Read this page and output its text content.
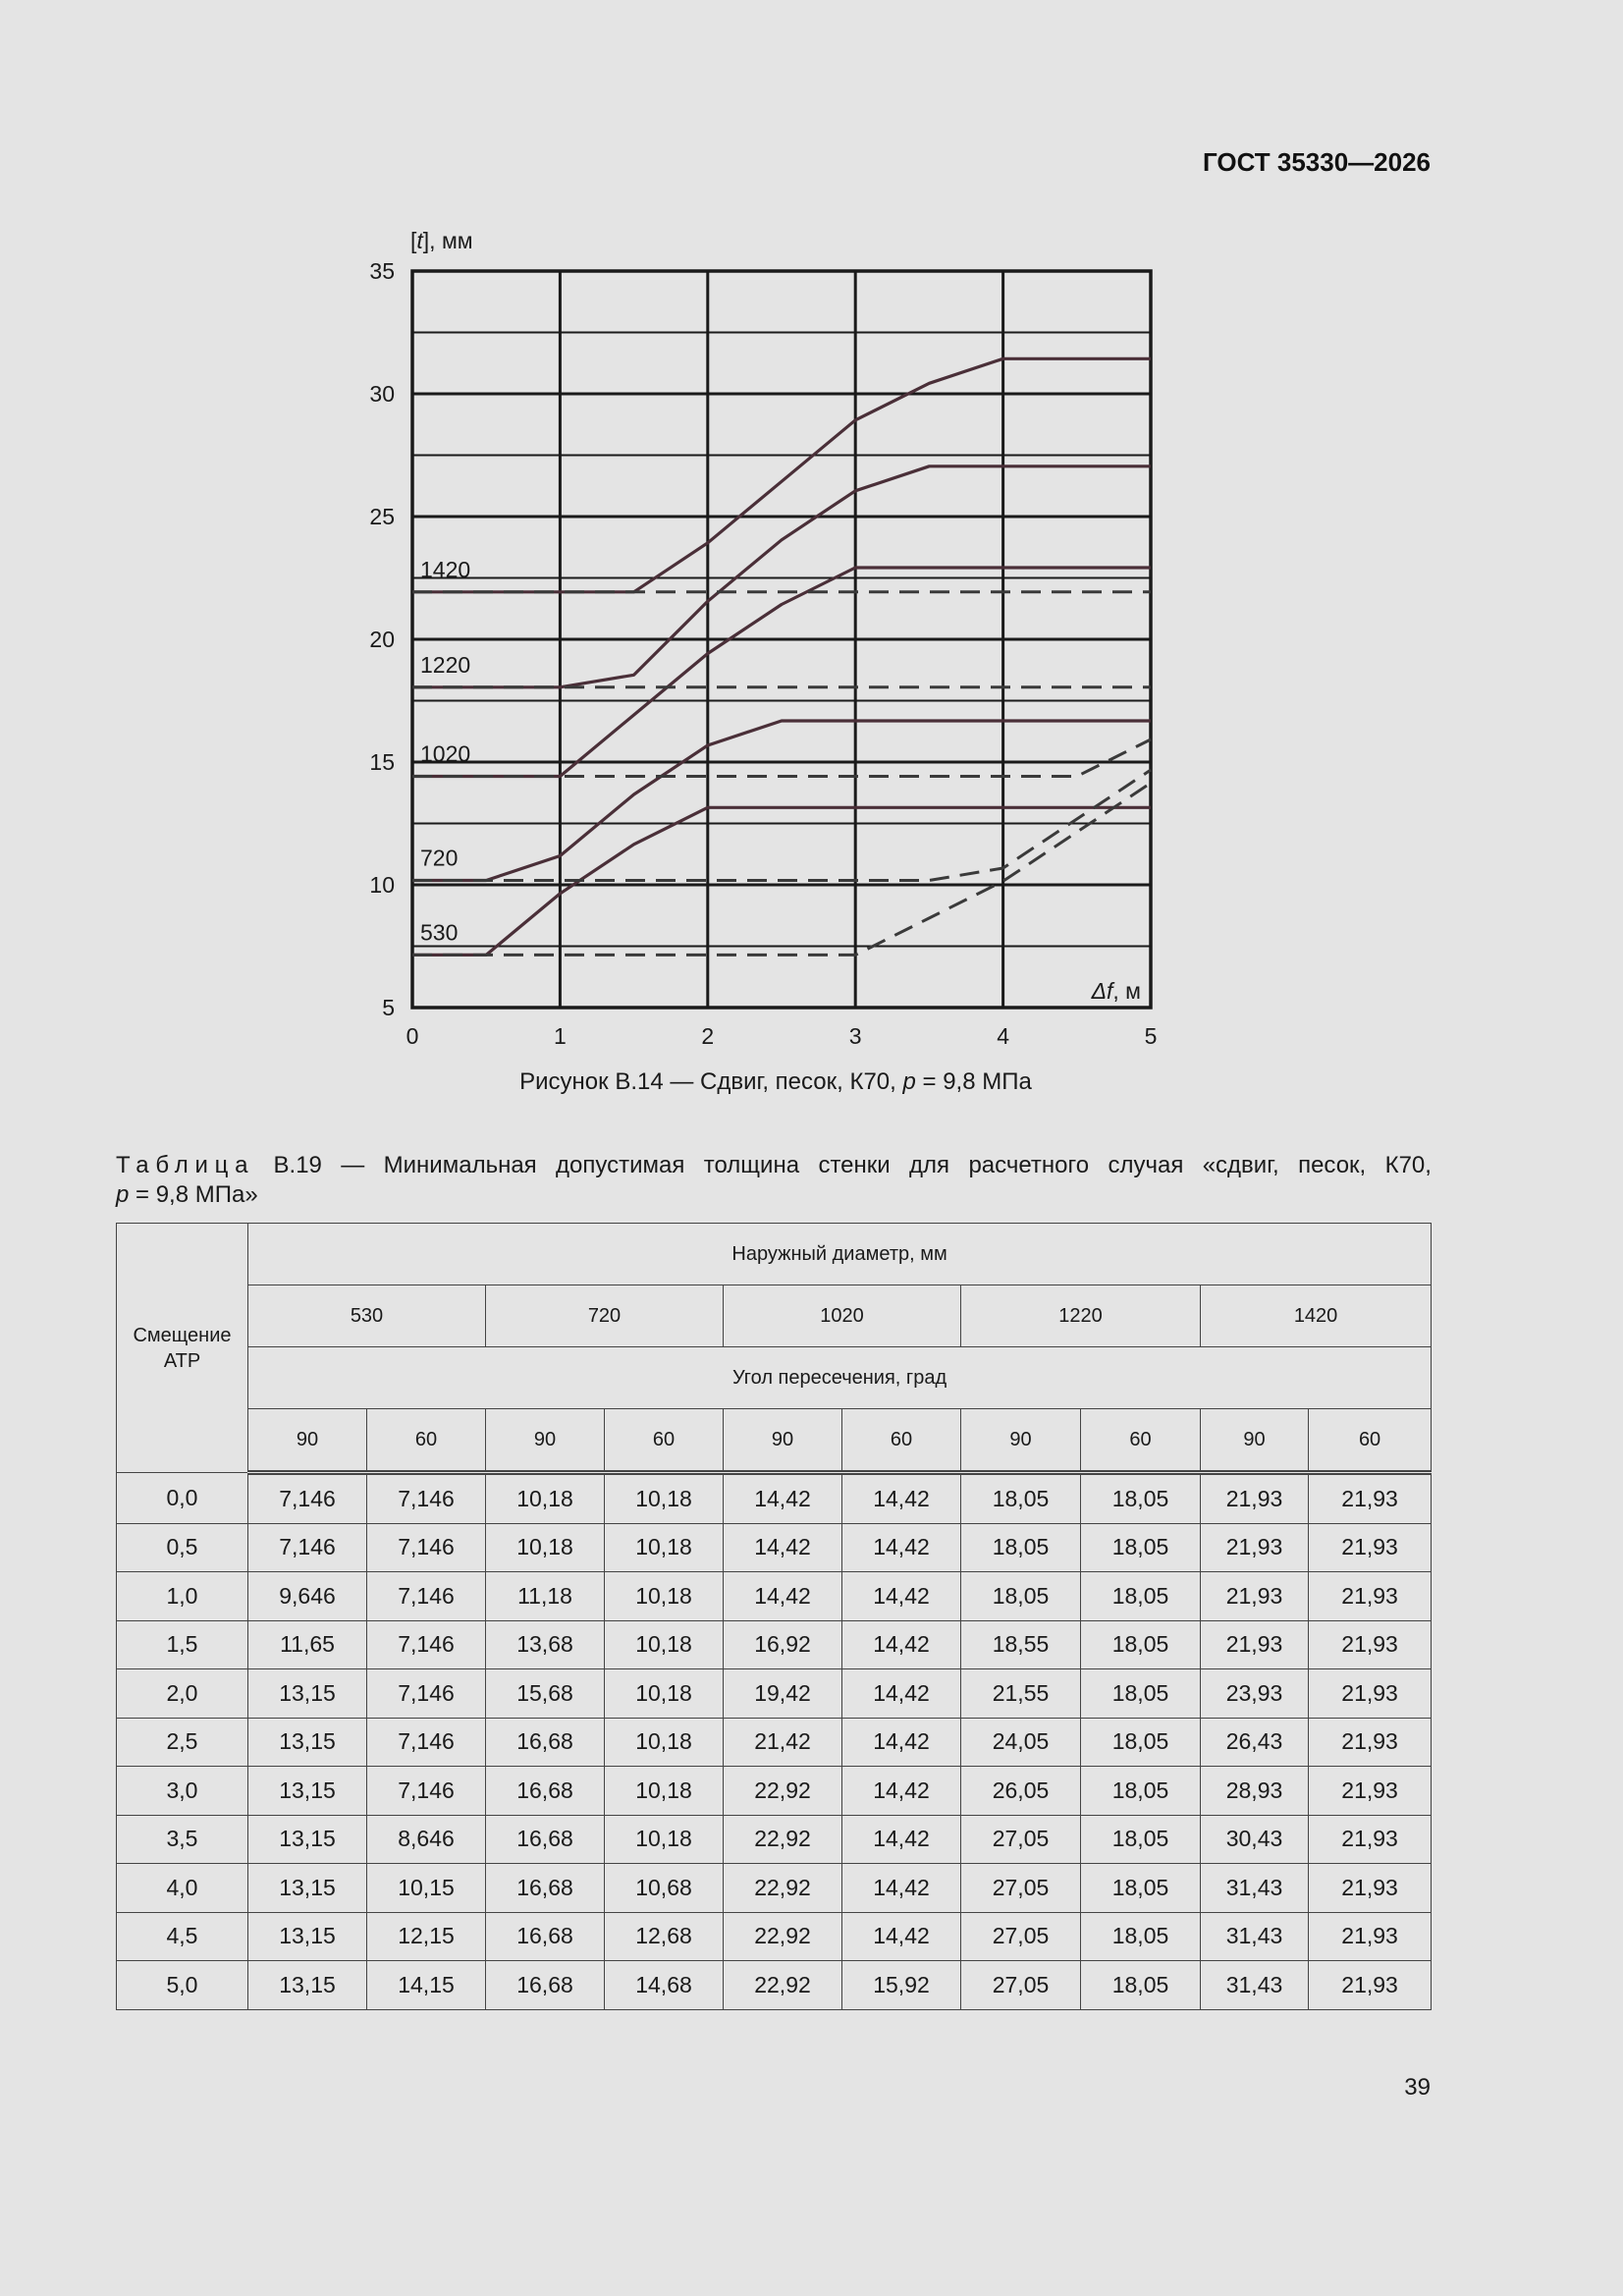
ГОСТ 35330—2026
0	1	2	3	4	5
5
10
15
20
25
30
35
1420
1220
1020
720
530
[t], мм
Δf, м
Рисунок В.14 — Сдвиг, песок, К70, p = 9,8 МПа
Таблица В.19 — Минимальная допустимая толщина стенки для расчетного случая «сдвиг, песок, К70,
p = 9,8 МПа»
Смещение АТР	Наружный диаметр, мм									
	530		720		1020		1220		1420	
	Угол пересечения, град									
	90	60	90	60	90	60	90	60	90	60
0,0	7,146	7,146	10,18	10,18	14,42	14,42	18,05	18,05	21,93	21,93
0,5	7,146	7,146	10,18	10,18	14,42	14,42	18,05	18,05	21,93	21,93
1,0	9,646	7,146	11,18	10,18	14,42	14,42	18,05	18,05	21,93	21,93
1,5	11,65	7,146	13,68	10,18	16,92	14,42	18,55	18,05	21,93	21,93
2,0	13,15	7,146	15,68	10,18	19,42	14,42	21,55	18,05	23,93	21,93
2,5	13,15	7,146	16,68	10,18	21,42	14,42	24,05	18,05	26,43	21,93
3,0	13,15	7,146	16,68	10,18	22,92	14,42	26,05	18,05	28,93	21,93
3,5	13,15	8,646	16,68	10,18	22,92	14,42	27,05	18,05	30,43	21,93
4,0	13,15	10,15	16,68	10,68	22,92	14,42	27,05	18,05	31,43	21,93
4,5	13,15	12,15	16,68	12,68	22,92	14,42	27,05	18,05	31,43	21,93
5,0	13,15	14,15	16,68	14,68	22,92	15,92	27,05	18,05	31,43	21,93
39
